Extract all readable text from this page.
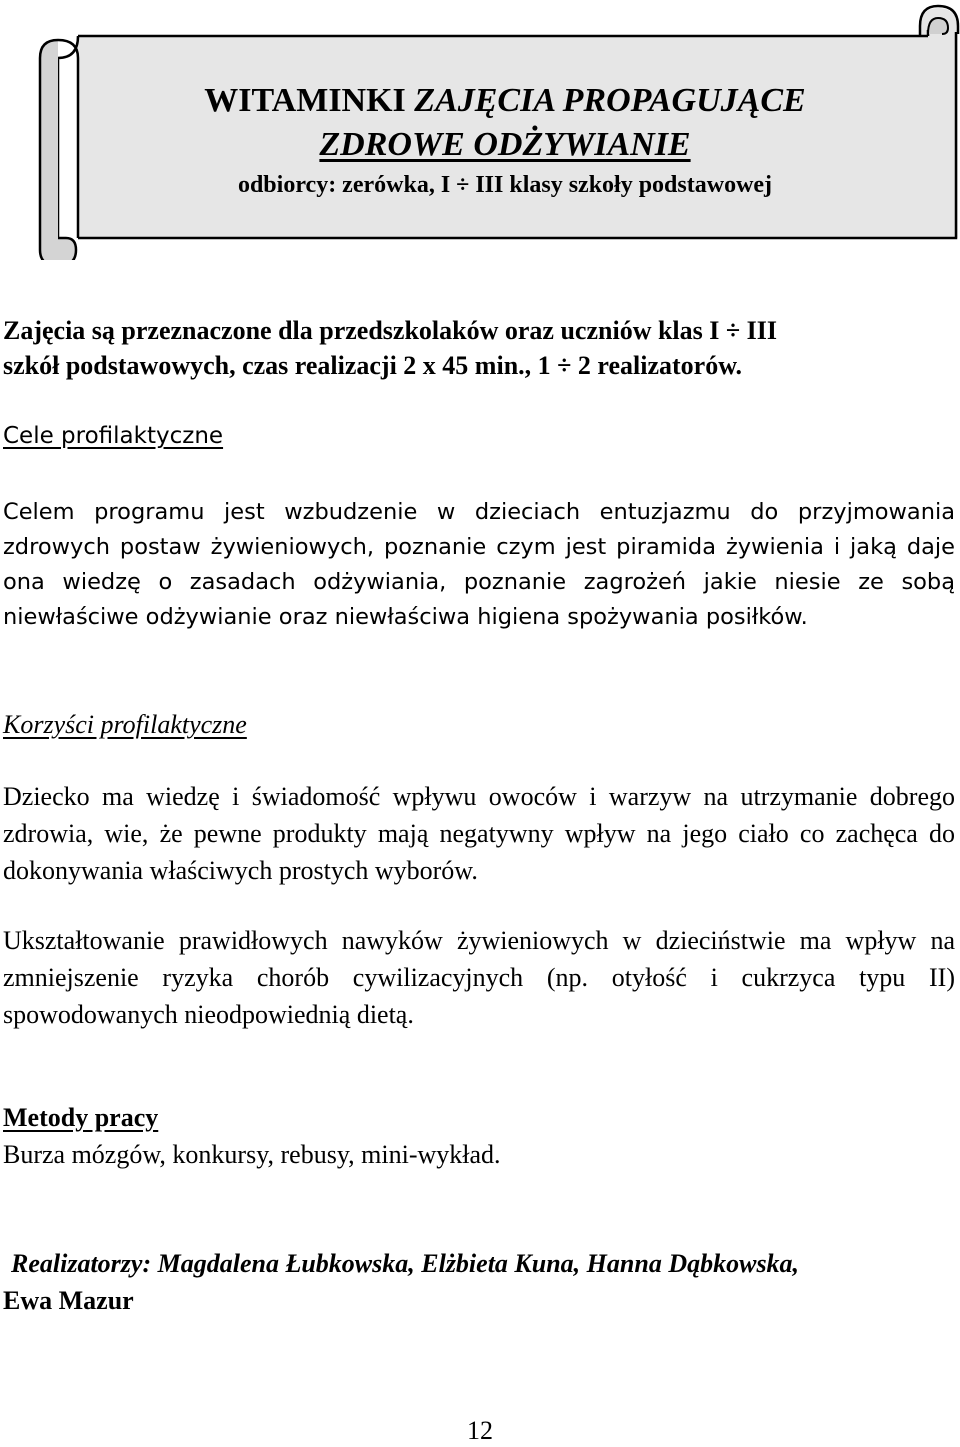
WITAMINKI ZAJĘCIA PROPAGUJĄCE
ZDROWE ODŻYWIANIE
odbiorcy: zerówka, I ÷ III klasy szkoły podstawowej
Zajęcia są przeznaczone dla przedszkolaków oraz uczniów klas I ÷ III
szkół podstawowych, czas realizacji 2 x 45 min., 1 ÷ 2 realizatorów.
Cele profilaktyczne
Celem programu jest wzbudzenie w dzieciach entuzjazmu do przyjmowania zdrowych postaw żywieniowych, poznanie czym jest piramida żywienia i jaką daje ona wiedzę o zasadach odżywiania, poznanie zagrożeń jakie niesie ze sobą niewłaściwe odżywianie oraz niewłaściwa higiena spożywania posiłków.
Korzyści profilaktyczne
Dziecko ma wiedzę i świadomość wpływu owoców i warzyw na utrzymanie dobrego zdrowia, wie, że pewne produkty mają negatywny wpływ na jego ciało co zachęca do dokonywania właściwych prostych wyborów.
Ukształtowanie prawidłowych nawyków żywieniowych w dzieciństwie ma wpływ na zmniejszenie ryzyka chorób cywilizacyjnych (np. otyłość i cukrzyca typu II) spowodowanych nieodpowiednią dietą.
Metody pracy
Burza mózgów, konkursy, rebusy, mini-wykład.
Realizatorzy: Magdalena Łubkowska, Elżbieta Kuna, Hanna Dąbkowska,
Ewa Mazur
12
